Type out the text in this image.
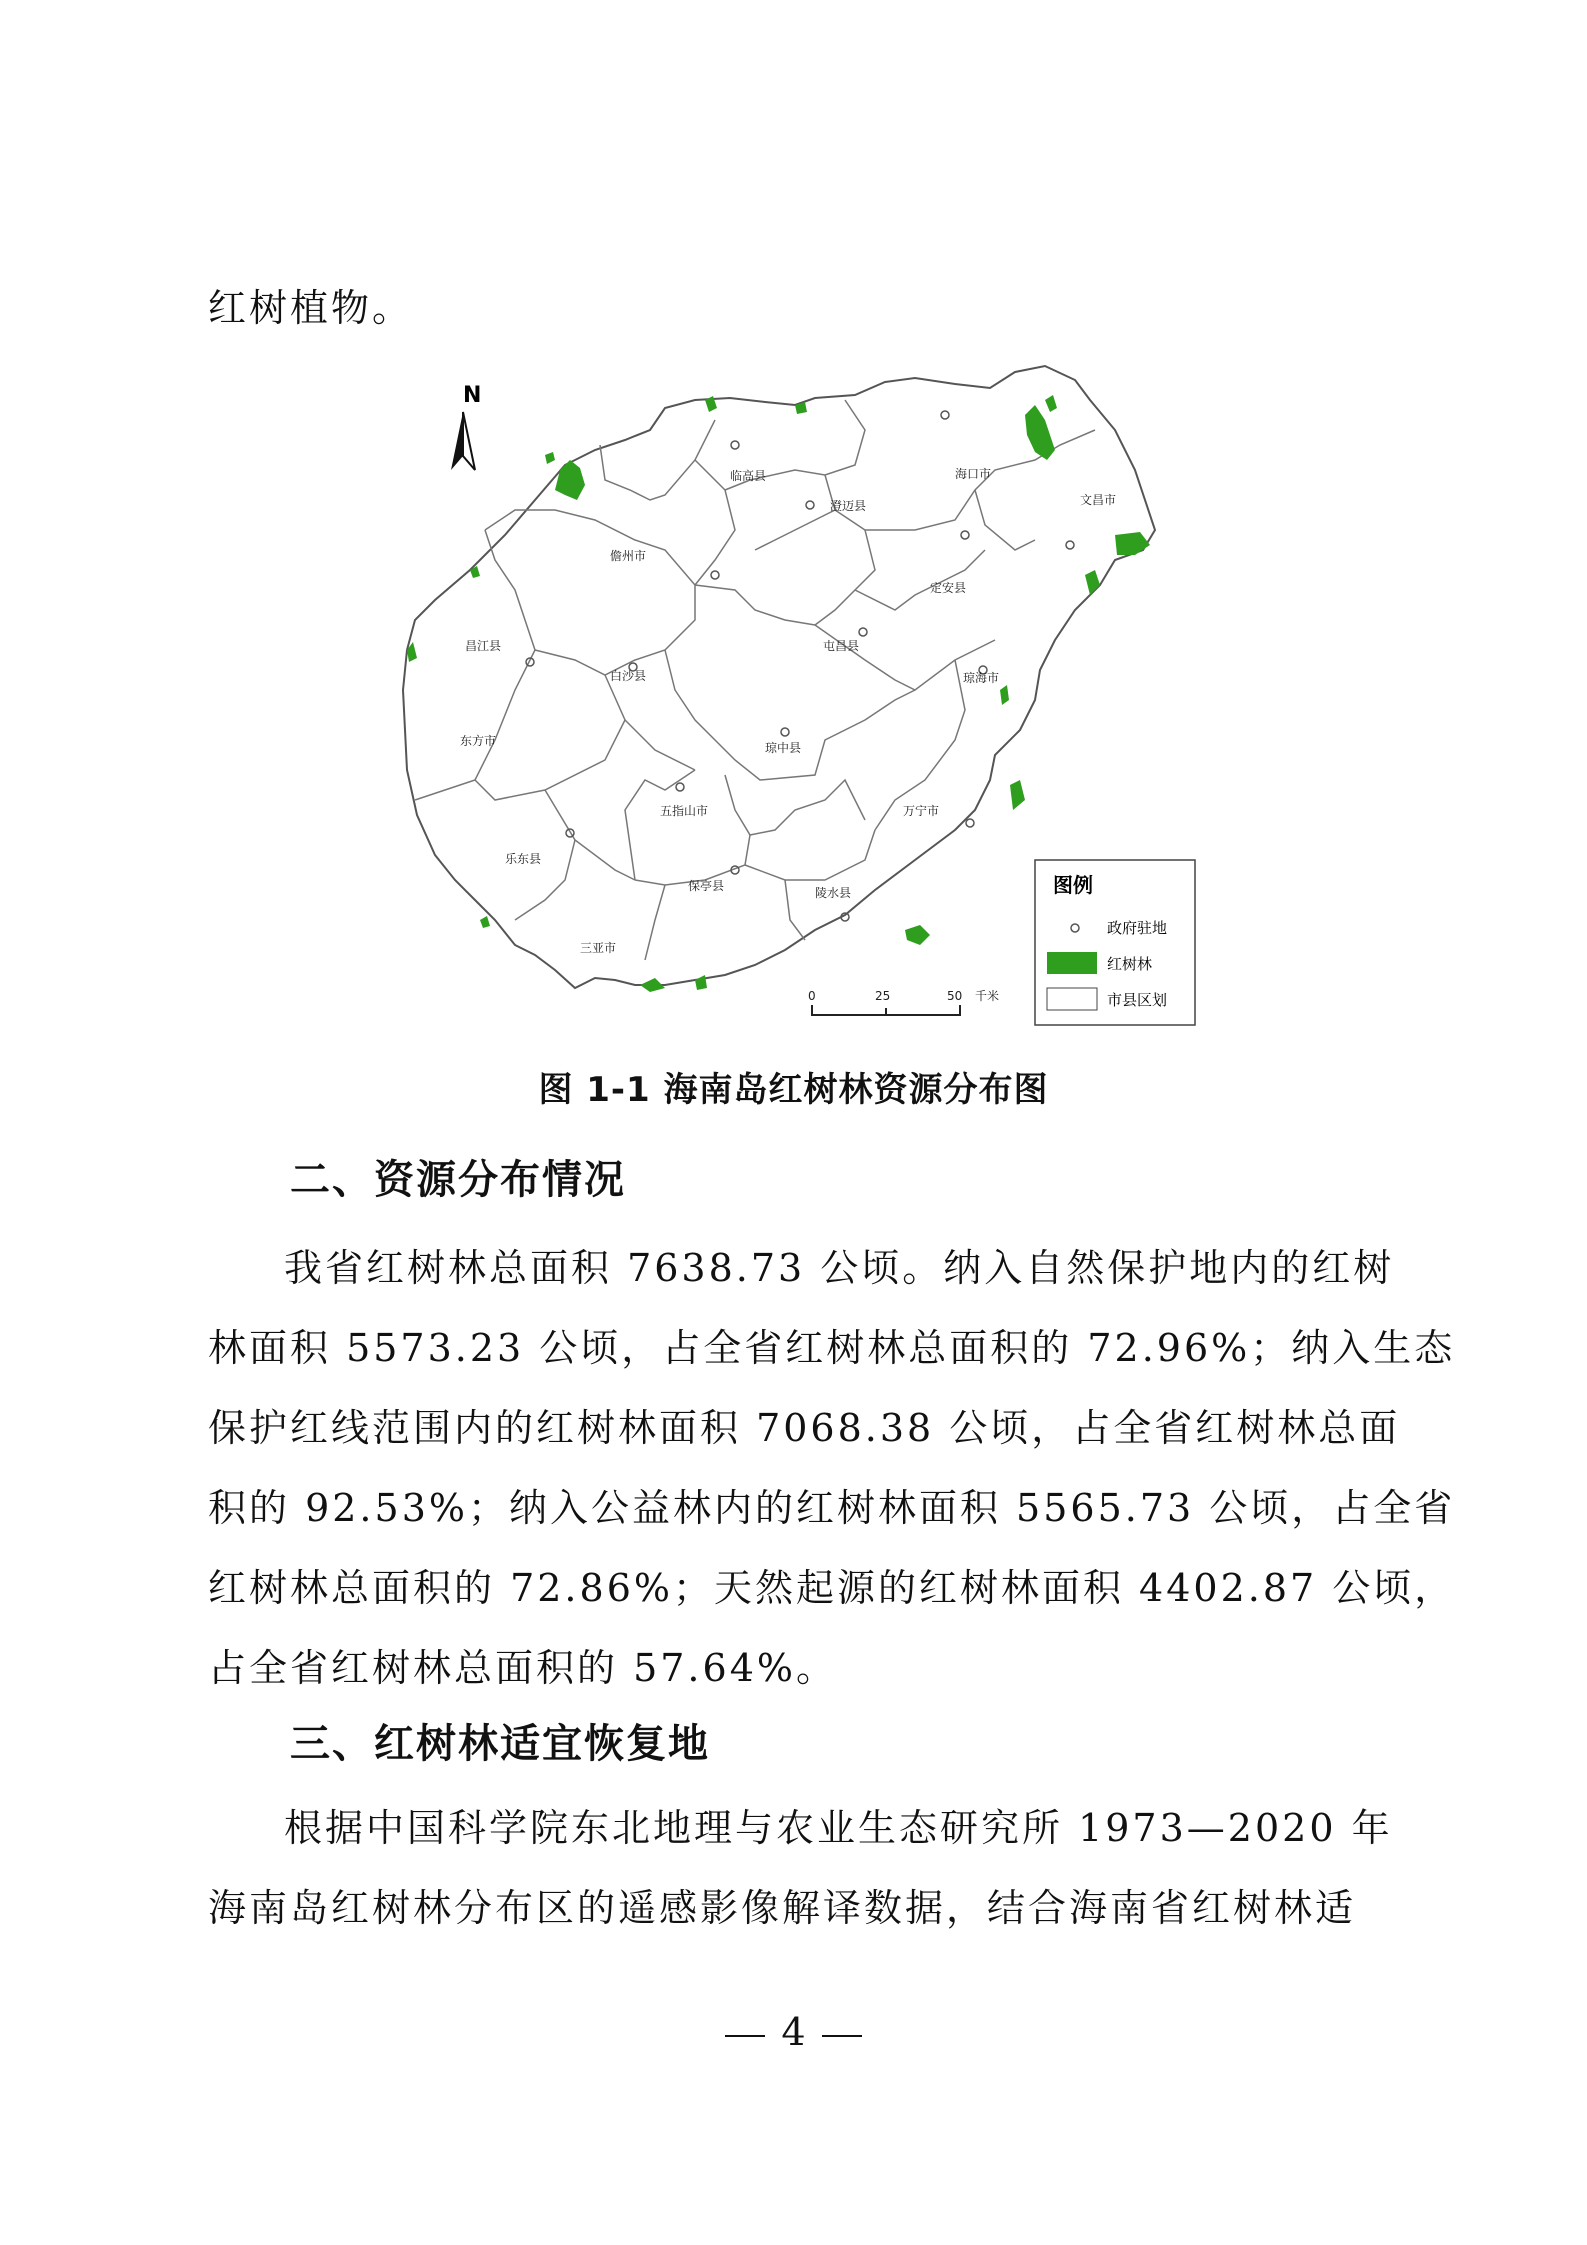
红树植物。

N
临高县
澄迈县
海口市
文昌市
儋州市
定安县
昌江县	屯昌县
白沙县	琼海市
东方市	琼中县
五指山市	万宁市
乐东县
保亭县	陵水县
三亚市
0	25	50 千米
图例
政府驻地
红树林
市县区划
图 1-1 海南岛红树林资源分布图
二、资源分布情况

我省红树林总面积 7638.73 公顷。纳入自然保护地内的红树
林面积 5573.23 公顷，占全省红树林总面积的 72.96%；纳入生态
保护红线范围内的红树林面积 7068.38 公顷，占全省红树林总面
积的 92.53%；纳入公益林内的红树林面积 5565.73 公顷，占全省
红树林总面积的 72.86%；天然起源的红树林面积 4402.87 公顷，
占全省红树林总面积的 57.64%。

三、红树林适宜恢复地

根据中国科学院东北地理与农业生态研究所 1973—2020 年
海南岛红树林分布区的遥感影像解译数据，结合海南省红树林适

4
